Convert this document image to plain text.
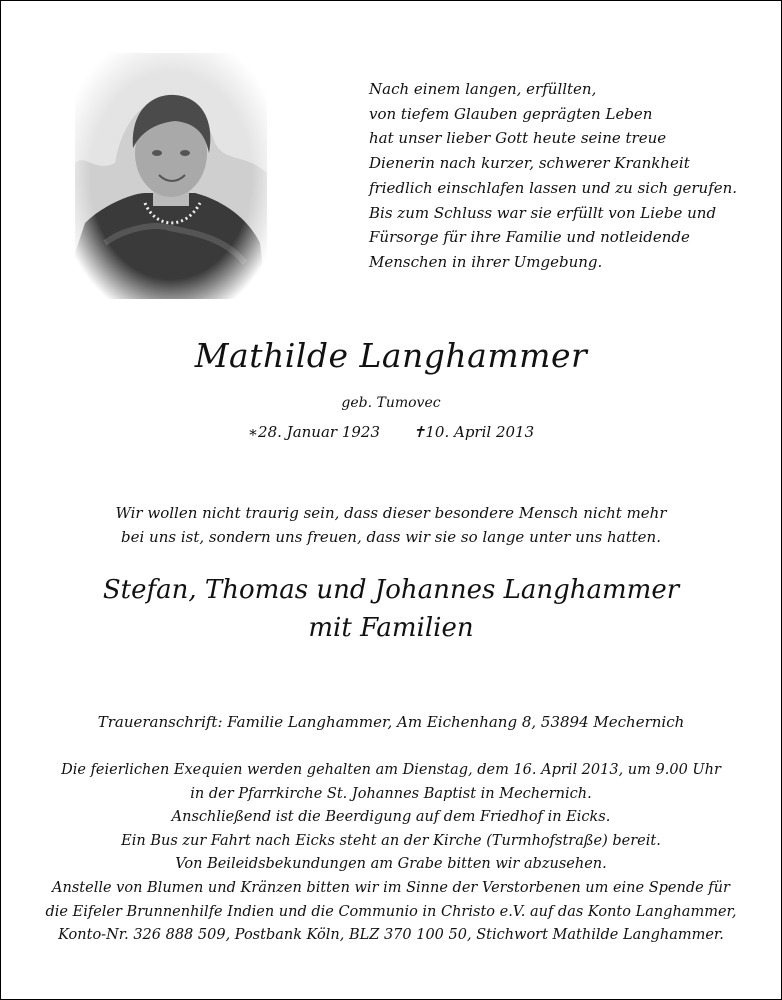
Nach einem langen, erfüllten,
von tiefem Glauben geprägten Leben
hat unser lieber Gott heute seine treue
Dienerin nach kurzer, schwerer Krankheit
friedlich einschlafen lassen und zu sich gerufen.
Bis zum Schluss war sie erfüllt von Liebe und
Fürsorge für ihre Familie und notleidende
Menschen in ihrer Umgebung.
Mathilde Langhammer
geb. Tumovec
∗28. Januar 1923 ✝10. April 2013
Wir wollen nicht traurig sein, dass dieser besondere Mensch nicht mehr
bei uns ist, sondern uns freuen, dass wir sie so lange unter uns hatten.
Stefan, Thomas und Johannes Langhammer
mit Familien
Traueranschrift: Familie Langhammer, Am Eichenhang 8, 53894 Mechernich
Die feierlichen Exequien werden gehalten am Dienstag, dem 16. April 2013, um 9.00 Uhr
in der Pfarrkirche St. Johannes Baptist in Mechernich.
Anschließend ist die Beerdigung auf dem Friedhof in Eicks.
Ein Bus zur Fahrt nach Eicks steht an der Kirche (Turmhofstraße) bereit.
Von Beileidsbekundungen am Grabe bitten wir abzusehen.
Anstelle von Blumen und Kränzen bitten wir im Sinne der Verstorbenen um eine Spende für
die Eifeler Brunnenhilfe Indien und die Communio in Christo e.V. auf das Konto Langhammer,
Konto-Nr. 326 888 509, Postbank Köln, BLZ 370 100 50, Stichwort Mathilde Langhammer.
